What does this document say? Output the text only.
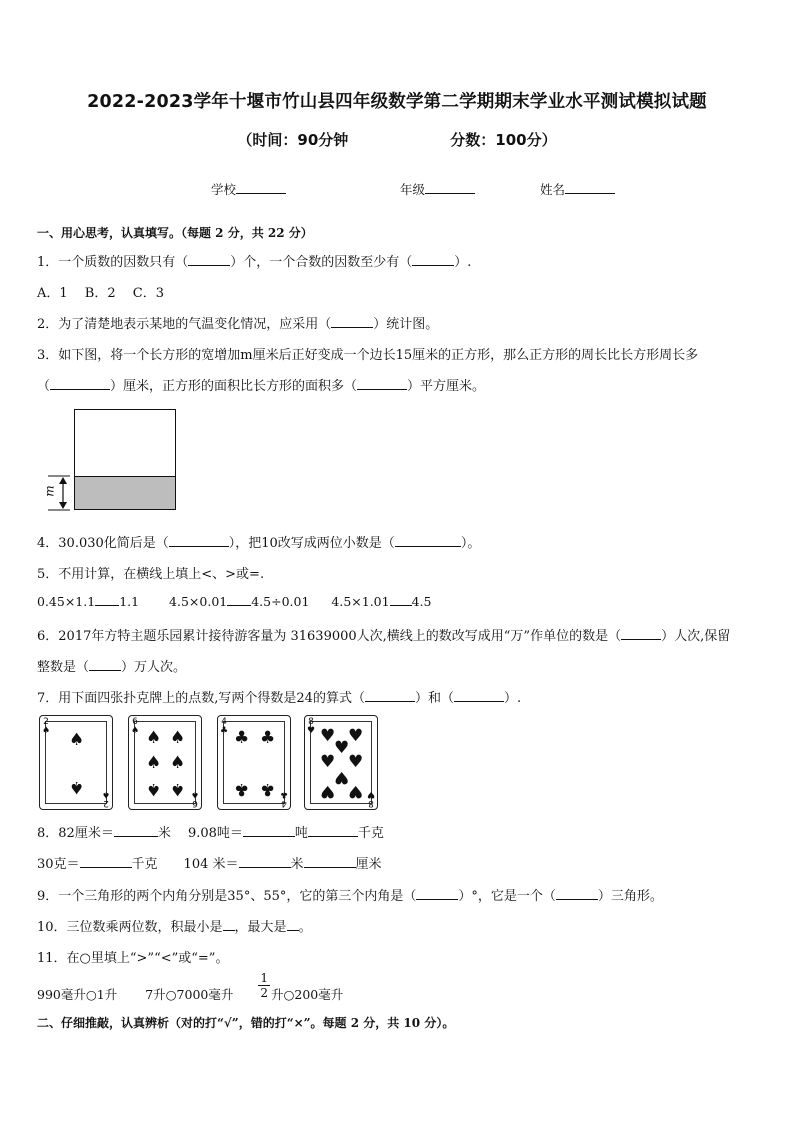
2022-2023学年十堰市竹山县四年级数学第二学期期末学业水平测试模拟试题
（时间：90分钟	分数：100分）
学校	年级	姓名
一、用心思考，认真填写。（每题 2 分，共 22 分）
1．一个质数的因数只有（	）个，一个合数的因数至少有（	）.
A．1　 B．2　 C．3
2．为了清楚地表示某地的气温变化情况，应采用（	）统计图。
3．如下图，将一个长方形的宽增加m厘米后正好变成一个边长15厘米的正方形，那么正方形的周长比长方形周长多
（	）厘米，正方形的面积比长方形的面积多（	）平方厘米。
m
4．30.030化简后是（	），把10改写成两位小数是（	）。
5．不用计算，在横线上填上<、>或=.
0.45×1.1 1.1 4.5×0.01 4.5÷0.01 4.5×1.01 4.5
6．2017年方特主题乐园累计接待游客量为 31639000人次,横线上的数改写成用“万”作单位的数是（	）人次,保留
整数是（ ）万人次。
7．用下面四张扑克牌上的点数,写两个得数是24的算式（	）和（	）.
2
♠ ♠
♠
2
♠
6
♠ ♠ ♠
♠ ♠
♠ ♠
6
♠
4
♣ ♣ ♣
♣ ♣
4
♣
8
♥ ♥ ♥
♥
♥ ♥
♥
♥ ♥
8
♥
8．82厘米＝	米　 9.08吨＝	吨	千克
30克＝	千克　　104 米＝	米	厘米
9．一个三角形的两个内角分别是35°、55°，它的第三个内角是（	）°，它是一个（	）三角形。
10．三位数乘两位数，积最小是 ，最大是 。
11．在○里填上“>”“<”或“=”。
990毫升○1升 7升○7000毫升 $\frac{1}{2}$ 升○200毫升
二、仔细推敲，认真辨析（对的打“√”，错的打“×”。每题 2 分，共 10 分）。
